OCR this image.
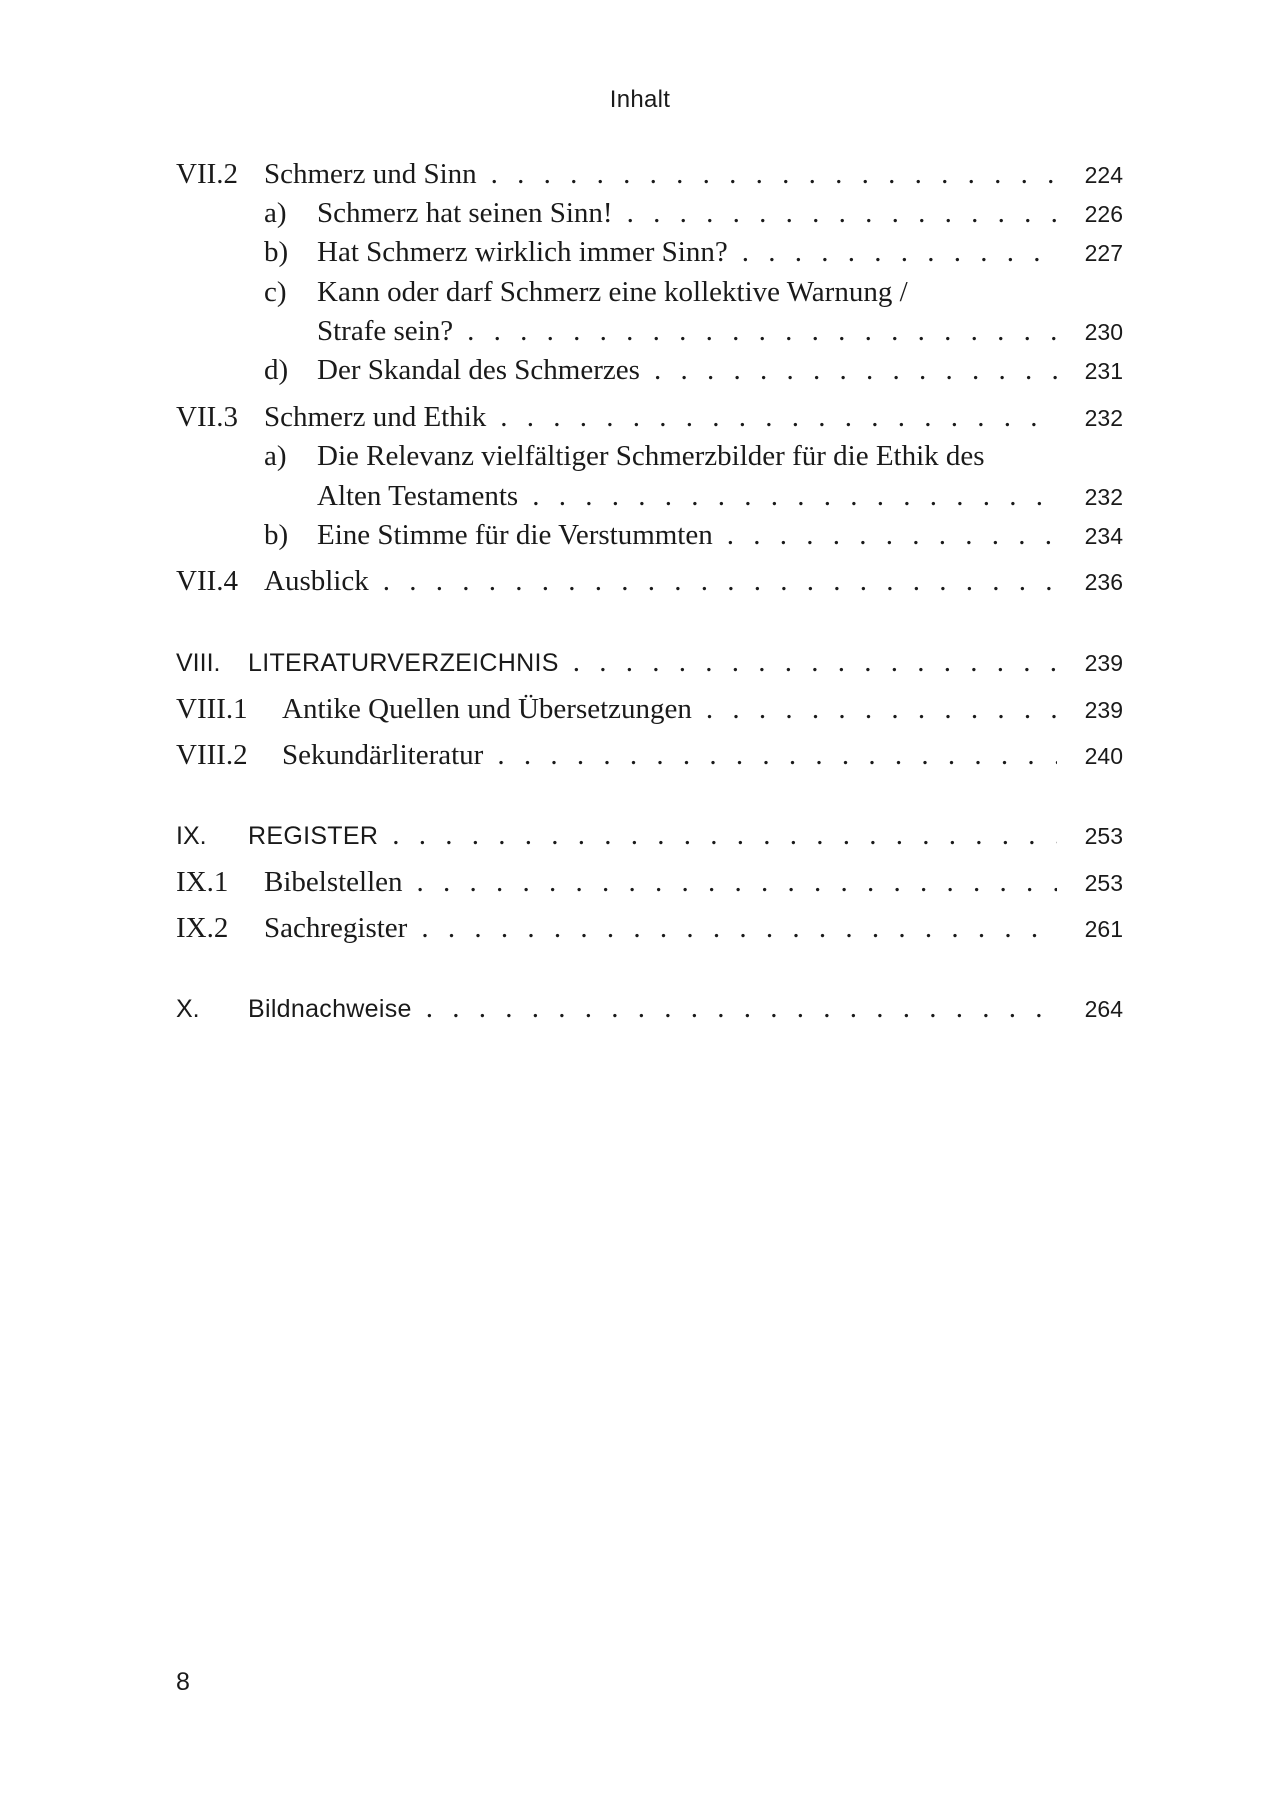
Inhalt
VII.2 Schmerz und Sinn . . .	224
a)	Schmerz hat seinen Sinn! . . .	226
b) Hat Schmerz wirklich immer Sinn? . . .	227
c)	Kann oder darf Schmerz eine kollektive Warnung /
Strafe sein? . . .	230
d) Der Skandal des Schmerzes . . .	231
VII.3 Schmerz und Ethik . . .	232
a)	Die Relevanz vielfältiger Schmerzbilder für die Ethik des
Alten Testaments . . .	232
b) Eine Stimme für die Verstummten . . .	234
VII.4 Ausblick . . .	236
VIII.	LITERATURVERZEICHNIS . . .	239
VIII.1	Antike Quellen und Übersetzungen . . .	239
VIII.2	Sekundärliteratur . . .	240
IX.	REGISTER . . .	253
IX.1	Bibelstellen . . .	253
IX.2	Sachregister . . .	261
X.	Bildnachweise . . .	264
8
